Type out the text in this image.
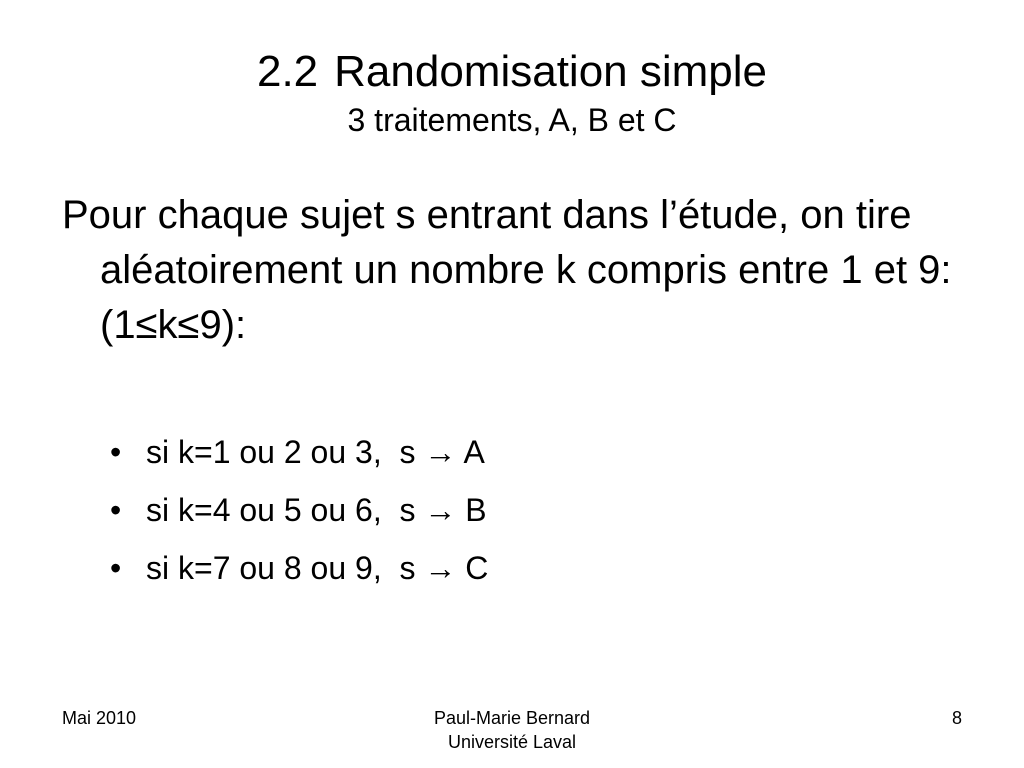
2.2 Randomisation simple
3 traitements, A, B et C
Pour chaque sujet s entrant dans l’étude, on tire aléatoirement un nombre k compris entre 1 et 9: (1≤k≤9):
• si k=1 ou 2 ou 3,  s → A
• si k=4 ou 5 ou 6,  s → B
• si k=7 ou 8 ou 9,  s → C
Mai 2010	Paul-Marie Bernard
Université Laval
8
